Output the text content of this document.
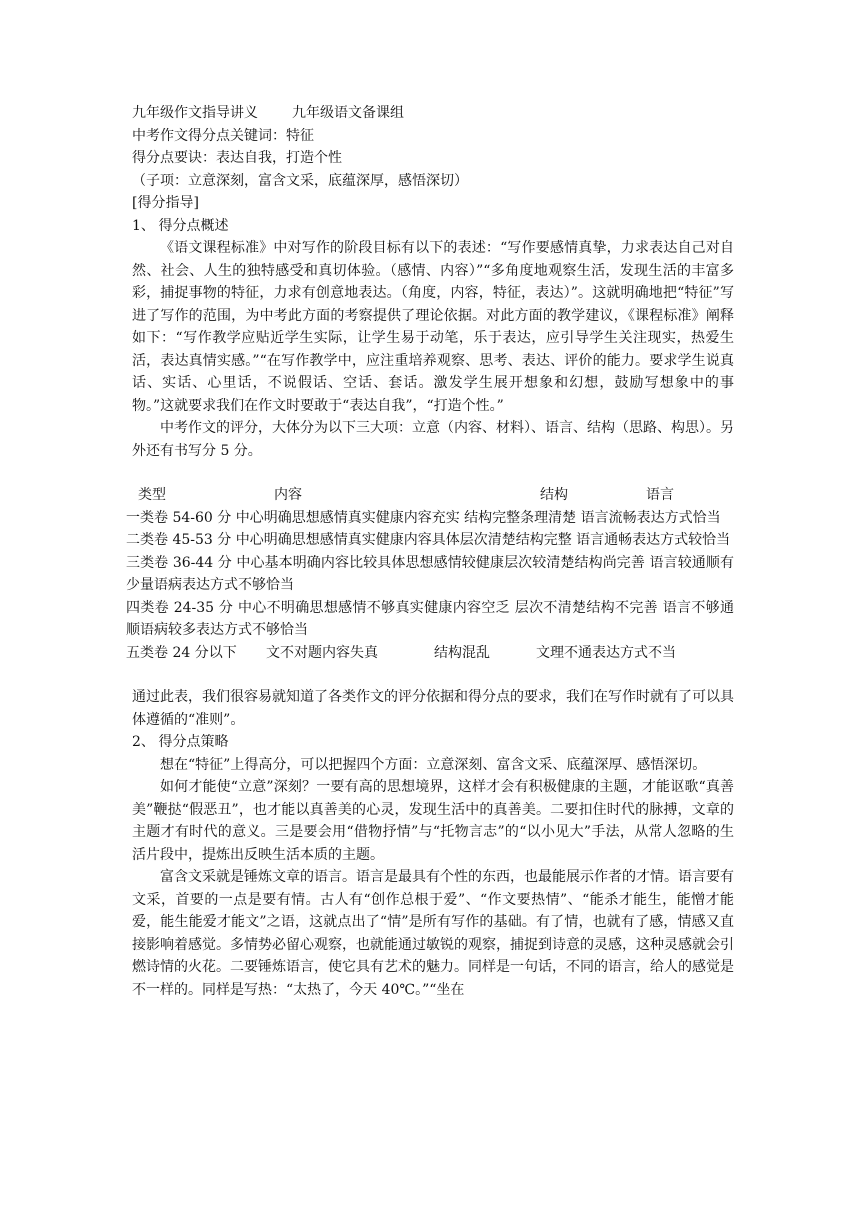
九年级作文指导讲义 九年级语文备课组
中考作文得分点关键词：特征
得分点要诀：表达自我，打造个性
（子项：立意深刻，富含文采，底蕴深厚，感悟深切）
[得分指导]
1、 得分点概述
《语文课程标准》中对写作的阶段目标有以下的表述：“写作要感情真挚，力求表达自己对自然、社会、人生的独特感受和真切体验。（感情、内容）”“多角度地观察生活，发现生活的丰富多彩，捕捉事物的特征，力求有创意地表达。（角度，内容，特征，表达）”。这就明确地把“特征”写进了写作的范围，为中考此方面的考察提供了理论依据。对此方面的教学建议，《课程标准》阐释如下：“写作教学应贴近学生实际，让学生易于动笔，乐于表达，应引导学生关注现实，热爱生活，表达真情实感。”“在写作教学中，应注重培养观察、思考、表达、评价的能力。要求学生说真话、实话、心里话，不说假话、空话、套话。激发学生展开想象和幻想，鼓励写想象中的事物。”这就要求我们在作文时要敢于“表达自我”，“打造个性。”
中考作文的评分，大体分为以下三大项：立意（内容、材料）、语言、结构（思路、构思）。另外还有书写分 5 分。
类型	内容	结构	语言
一类卷 54-60 分 中心明确思想感情真实健康内容充实 结构完整条理清楚 语言流畅表达方式恰当
二类卷 45-53 分 中心明确思想感情真实健康内容具体层次清楚结构完整 语言通畅表达方式较恰当
三类卷 36-44 分 中心基本明确内容比较具体思想感情较健康层次较清楚结构尚完善 语言较通顺有少量语病表达方式不够恰当
四类卷 24-35 分 中心不明确思想感情不够真实健康内容空乏 层次不清楚结构不完善 语言不够通顺语病较多表达方式不够恰当
五类卷 24 分以下 文不对题内容失真	结构混乱	文理不通表达方式不当
通过此表，我们很容易就知道了各类作文的评分依据和得分点的要求，我们在写作时就有了可以具体遵循的“准则”。
2、 得分点策略
想在“特征”上得高分，可以把握四个方面：立意深刻、富含文采、底蕴深厚、感悟深切。
如何才能使“立意”深刻？一要有高的思想境界，这样才会有积极健康的主题，才能讴歌“真善美”鞭挞“假恶丑”，也才能以真善美的心灵，发现生活中的真善美。二要扣住时代的脉搏，文章的主题才有时代的意义。三是要会用“借物抒情”与“托物言志”的“以小见大”手法，从常人忽略的生活片段中，提炼出反映生活本质的主题。
富含文采就是锤炼文章的语言。语言是最具有个性的东西，也最能展示作者的才情。语言要有文采，首要的一点是要有情。古人有“创作总根于爱”、“作文要热情”、“能杀才能生，能憎才能爱，能生能爱才能文”之语，这就点出了“情”是所有写作的基础。有了情，也就有了感，情感又直接影响着感觉。多情势必留心观察，也就能通过敏锐的观察，捕捉到诗意的灵感，这种灵感就会引燃诗情的火花。二要锤炼语言，使它具有艺术的魅力。同样是一句话，不同的语言，给人的感觉是不一样的。同样是写热：“太热了，今天 40℃。”“坐在
